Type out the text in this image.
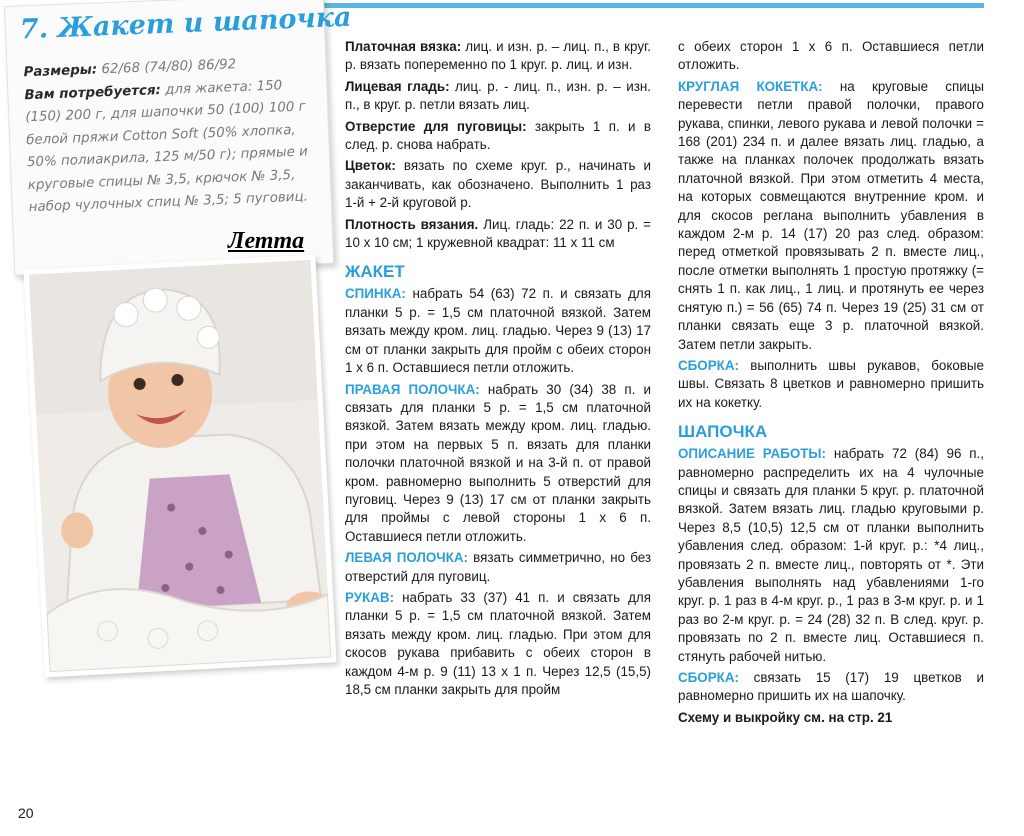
7. Жакет и шапочка
Размеры: 62/68 (74/80) 86/92
Вам потребуется: для жакета: 150 (150) 200 г, для шапочки 50 (100) 100 г белой пряжи Cotton Soft (50% хлопка, 50% полиакрила, 125 м/50 г); прямые и круговые спицы № 3,5, крючок № 3,5, набор чулочных спиц № 3,5; 5 пуговиц.
Летта

Платочная вязка: лиц. и изн. р. – лиц. п., в круг. р. вязать попеременно по 1 круг. р. лиц. и изн.

Лицевая гладь: лиц. р. - лиц. п., изн. р. – изн. п., в круг. р. петли вязать лиц.

Отверстие для пуговицы: закрыть 1 п. и в след. р. снова набрать.

Цветок: вязать по схеме круг. р., начинать и заканчивать, как обозначено. Выполнить 1 раз 1-й + 2-й круговой р.

Плотность вязания. Лиц. гладь: 22 п. и 30 р. = 10 х 10 см; 1 кружевной квадрат: 11 х 11 см

ЖАКЕТ

СПИНКА: набрать 54 (63) 72 п. и связать для планки 5 р. = 1,5 см платочной вязкой. Затем вязать между кром. лиц. гладью. Через 9 (13) 17 см от планки закрыть для пройм с обеих сторон 1 х 6 п. Оставшиеся петли отложить.

ПРАВАЯ ПОЛОЧКА: набрать 30 (34) 38 п. и связать для планки 5 р. = 1,5 см платочной вязкой. Затем вязать между кром. лиц. гладью. при этом на первых 5 п. вязать для планки полочки платочной вязкой и на 3-й п. от правой кром. равномерно выполнить 5 отверстий для пуговиц. Через 9 (13) 17 см от планки закрыть для проймы с левой стороны 1 х 6 п. Оставшиеся петли отложить.

ЛЕВАЯ ПОЛОЧКА: вязать симметрично, но без отверстий для пуговиц.

РУКАВ: набрать 33 (37) 41 п. и связать для планки 5 р. = 1,5 см платочной вязкой. Затем вязать между кром. лиц. гладью. При этом для скосов рукава прибавить с обеих сторон в каждом 4-м р. 9 (11) 13 х 1 п. Через 12,5 (15,5) 18,5 см планки закрыть для пройм

с обеих сторон 1 х 6 п. Оставшиеся петли отложить.

КРУГЛАЯ КОКЕТКА: на круговые спицы перевести петли правой полочки, правого рукава, спинки, левого рукава и левой полочки = 168 (201) 234 п. и далее вязать лиц. гладью, а также на планках полочек продолжать вязать платочной вязкой. При этом отметить 4 места, на которых совмещаются внутренние кром. и для скосов реглана выполнить убавления в каждом 2-м р. 14 (17) 20 раз след. образом: перед отметкой провязывать 2 п. вместе лиц., после отметки выполнять 1 простую протяжку (= снять 1 п. как лиц., 1 лиц. и протянуть ее через снятую п.) = 56 (65) 74 п. Через 19 (25) 31 см от планки связать еще 3 р. платочной вязкой. Затем петли закрыть.

СБОРКА: выполнить швы рукавов, боковые швы. Связать 8 цветков и равномерно пришить их на кокетку.

ШАПОЧКА

ОПИСАНИЕ РАБОТЫ: набрать 72 (84) 96 п., равномерно распределить их на 4 чулочные спицы и связать для планки 5 круг. р. платочной вязкой. Затем вязать лиц. гладью круговыми р. Через 8,5 (10,5) 12,5 см от планки выполнить убавления след. образом: 1-й круг. р.: *4 лиц., провязать 2 п. вместе лиц., повторять от *. Эти убавления выполнять над убавлениями 1-го круг. р. 1 раз в 4-м круг. р., 1 раз в 3-м круг. р. и 1 раз во 2-м круг. р. = 24 (28) 32 п. В след. круг. р. провязать по 2 п. вместе лиц. Оставшиеся п. стянуть рабочей нитью.

СБОРКА: связать 15 (17) 19 цветков и равномерно пришить их на шапочку.

Схему и выкройку см. на стр. 21

20
